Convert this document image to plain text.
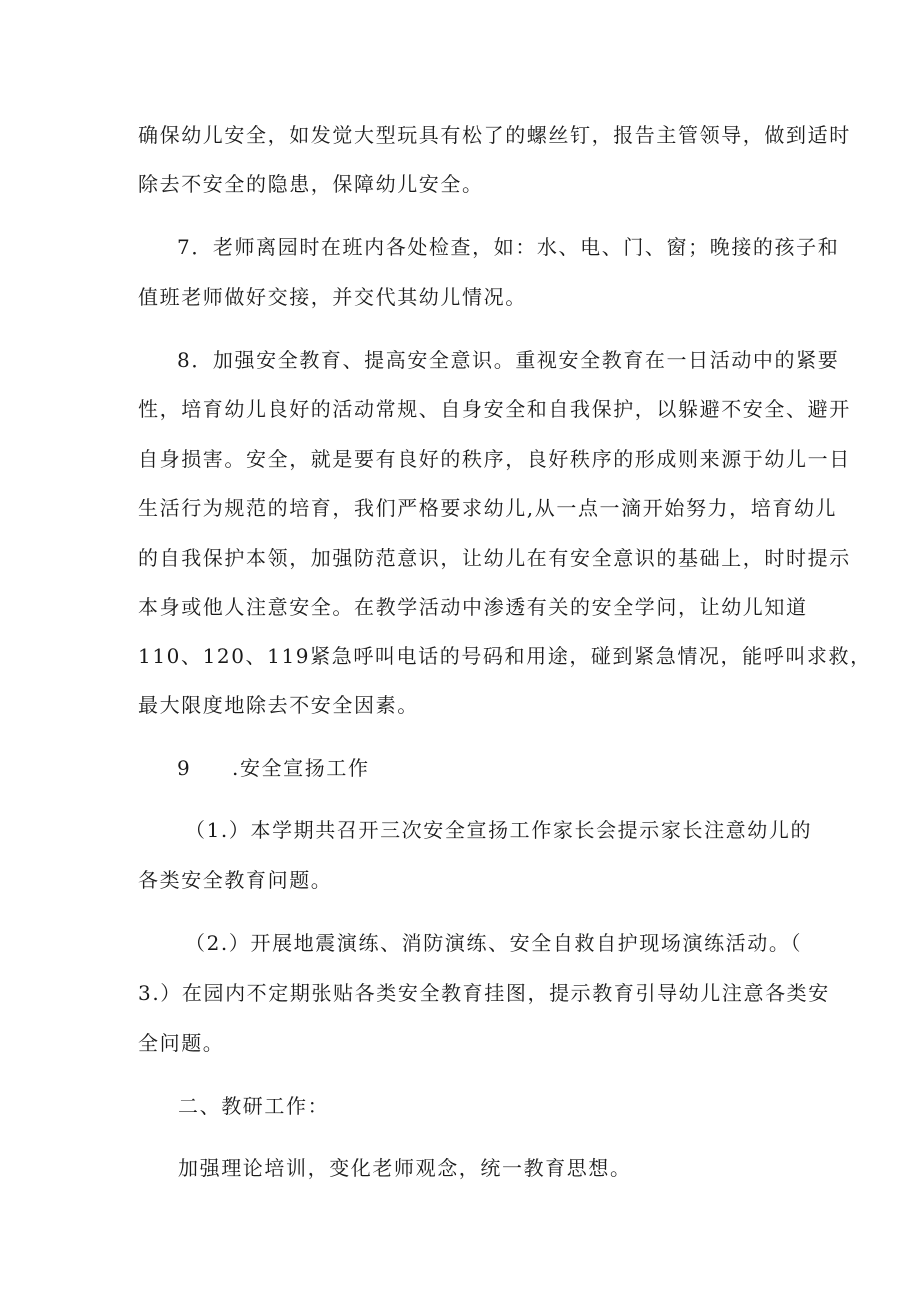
确保幼儿安全，如发觉大型玩具有松了的螺丝钉，报告主管领导，做到适时
除去不安全的隐患，保障幼儿安全。
7．老师离园时在班内各处检查，如：水、电、门、窗；晚接的孩子和
值班老师做好交接，并交代其幼儿情况。
8．加强安全教育、提高安全意识。重视安全教育在一日活动中的紧要
性，培育幼儿良好的活动常规、自身安全和自我保护，以躲避不安全、避开
自身损害。安全，就是要有良好的秩序，良好秩序的形成则来源于幼儿一日
生活行为规范的培育，我们严格要求幼儿,从一点一滴开始努力，培育幼儿
的自我保护本领，加强防范意识，让幼儿在有安全意识的基础上，时时提示
本身或他人注意安全。在教学活动中渗透有关的安全学问，让幼儿知道
110、120、119紧急呼叫电话的号码和用途，碰到紧急情况，能呼叫求救，
最大限度地除去不安全因素。
9 .安全宣扬工作
（1.）本学期共召开三次安全宣扬工作家长会提示家长注意幼儿的
各类安全教育问题。
（2.）开展地震演练、消防演练、安全自救自护现场演练活动。（
3.）在园内不定期张贴各类安全教育挂图，提示教育引导幼儿注意各类安
全问题。
二、教研工作：
加强理论培训，变化老师观念，统一教育思想。
